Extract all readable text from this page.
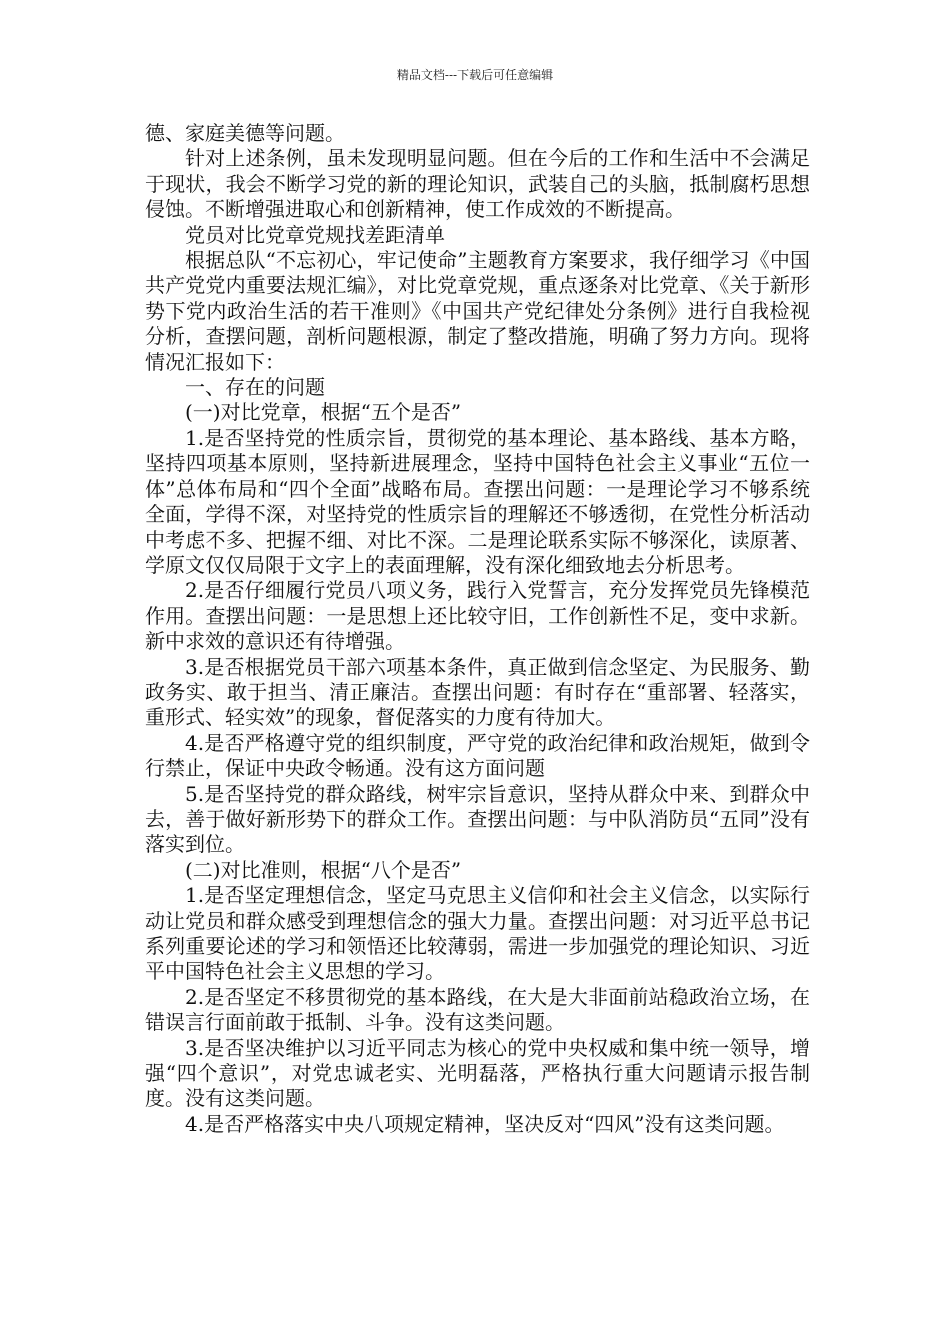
精品文档---下载后可任意编辑

德、家庭美德等问题。

针对上述条例，虽未发现明显问题。但在今后的工作和生活中不会满足于现状，我会不断学习党的新的理论知识，武装自己的头脑，抵制腐朽思想侵蚀。不断增强进取心和创新精神，使工作成效的不断提高。

党员对比党章党规找差距清单

根据总队“不忘初心，牢记使命”主题教育方案要求，我仔细学习《中国共产党党内重要法规汇编》，对比党章党规，重点逐条对比党章、《关于新形势下党内政治生活的若干准则》《中国共产党纪律处分条例》进行自我检视分析，查摆问题，剖析问题根源，制定了整改措施，明确了努力方向。现将情况汇报如下：

一、存在的问题

(一)对比党章，根据“五个是否”

1.是否坚持党的性质宗旨，贯彻党的基本理论、基本路线、基本方略，坚持四项基本原则，坚持新进展理念，坚持中国特色社会主义事业“五位一体”总体布局和“四个全面”战略布局。查摆出问题：一是理论学习不够系统全面，学得不深，对坚持党的性质宗旨的理解还不够透彻，在党性分析活动中考虑不多、把握不细、对比不深。二是理论联系实际不够深化，读原著、学原文仅仅局限于文字上的表面理解，没有深化细致地去分析思考。

2.是否仔细履行党员八项义务，践行入党誓言，充分发挥党员先锋模范作用。查摆出问题：一是思想上还比较守旧，工作创新性不足，变中求新。新中求效的意识还有待增强。

3.是否根据党员干部六项基本条件，真正做到信念坚定、为民服务、勤政务实、敢于担当、清正廉洁。查摆出问题：有时存在“重部署、轻落实，重形式、轻实效”的现象，督促落实的力度有待加大。

4.是否严格遵守党的组织制度，严守党的政治纪律和政治规矩，做到令行禁止，保证中央政令畅通。没有这方面问题

5.是否坚持党的群众路线，树牢宗旨意识，坚持从群众中来、到群众中去，善于做好新形势下的群众工作。查摆出问题：与中队消防员“五同”没有落实到位。

(二)对比准则，根据“八个是否”

1.是否坚定理想信念，坚定马克思主义信仰和社会主义信念，以实际行动让党员和群众感受到理想信念的强大力量。查摆出问题：对习近平总书记系列重要论述的学习和领悟还比较薄弱，需进一步加强党的理论知识、习近平中国特色社会主义思想的学习。

2.是否坚定不移贯彻党的基本路线，在大是大非面前站稳政治立场，在错误言行面前敢于抵制、斗争。没有这类问题。

3.是否坚决维护以习近平同志为核心的党中央权威和集中统一领导，增强“四个意识”，对党忠诚老实、光明磊落，严格执行重大问题请示报告制度。没有这类问题。

4.是否严格落实中央八项规定精神，坚决反对“四风”没有这类问题。
